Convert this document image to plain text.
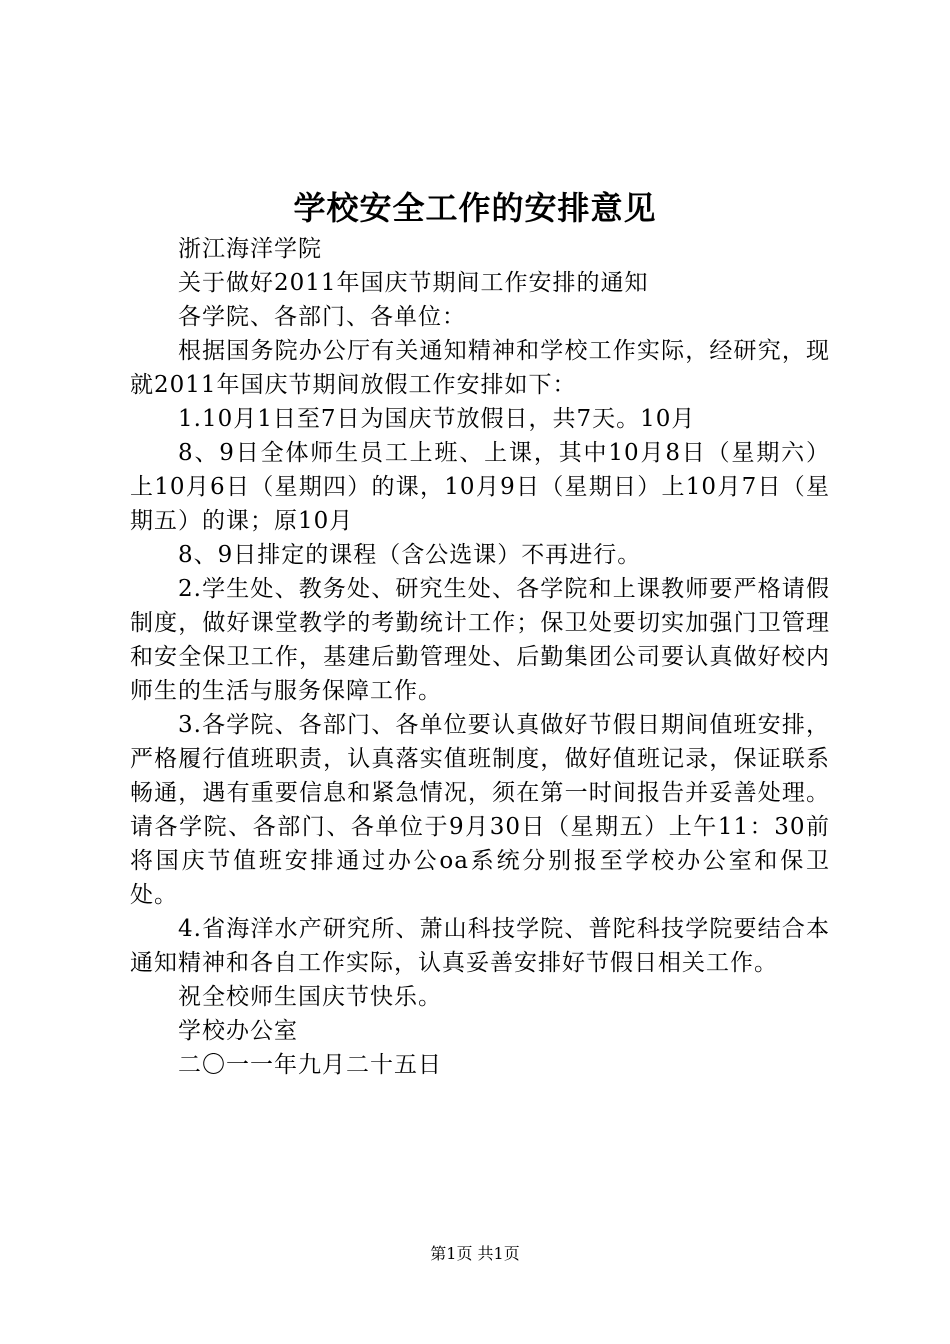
学校安全工作的安排意见

浙江海洋学院

关于做好2011年国庆节期间工作安排的通知

各学院、各部门、各单位：

根据国务院办公厅有关通知精神和学校工作实际，经研究，现就2011年国庆节期间放假工作安排如下：

1.10月1日至7日为国庆节放假日，共7天。10月

8、9日全体师生员工上班、上课，其中10月8日（星期六）上10月6日（星期四）的课，10月9日（星期日）上10月7日（星期五）的课；原10月

8、9日排定的课程（含公选课）不再进行。

2.学生处、教务处、研究生处、各学院和上课教师要严格请假制度，做好课堂教学的考勤统计工作；保卫处要切实加强门卫管理和安全保卫工作，基建后勤管理处、后勤集团公司要认真做好校内师生的生活与服务保障工作。

3.各学院、各部门、各单位要认真做好节假日期间值班安排，严格履行值班职责，认真落实值班制度，做好值班记录，保证联系畅通，遇有重要信息和紧急情况，须在第一时间报告并妥善处理。请各学院、各部门、各单位于9月30日（星期五）上午11：30前将国庆节值班安排通过办公oa系统分别报至学校办公室和保卫处。

4.省海洋水产研究所、萧山科技学院、普陀科技学院要结合本通知精神和各自工作实际，认真妥善安排好节假日相关工作。

祝全校师生国庆节快乐。

学校办公室

二〇一一年九月二十五日

第1页 共1页
